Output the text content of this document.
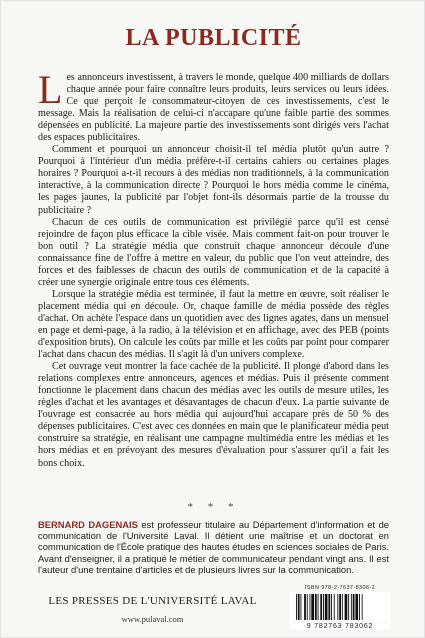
LA PUBLICITÉ

Les annonceurs investissent, à travers le monde, quelque 400 milliards de dollars chaque année pour faire connaître leurs produits, leurs services ou leurs idées. Ce que perçoit le consommateur-citoyen de ces investissements, c'est le message. Mais la réalisation de celui-ci n'accapare qu'une faible partie des sommes dépensées en publicité. La majeure partie des investissements sont dirigés vers l'achat des espaces publicitaires.

Comment et pourquoi un annonceur choisit-il tel média plutôt qu'un autre ? Pourquoi à l'intérieur d'un média préfère-t-il certains cahiers ou certaines plages horaires ? Pourquoi a-t-il recours à des médias non traditionnels, à la communication interactive, à la communication directe ? Pourquoi le hors média comme le cinéma, les pages jaunes, la publicité par l'objet font-ils désormais partie de la trousse du publicitaire ?

Chacun de ces outils de communication est privilégié parce qu'il est censé rejoindre de façon plus efficace la cible visée. Mais comment fait-on pour trouver le bon outil ? La stratégie média que construit chaque annonceur découle d'une connaissance fine de l'offre à mettre en valeur, du public que l'on veut atteindre, des forces et des faiblesses de chacun des outils de communication et de la capacité à créer une synergie originale entre tous ces éléments.

Lorsque la stratégie média est terminée, il faut la mettre en œuvre, soit réaliser le placement média qui en découle. Or, chaque famille de média possède des règles d'achat. On achète l'espace dans un quotidien avec des lignes agates, dans un mensuel en page et demi-page, à la radio, à la télévision et en affichage, avec des PEB (points d'exposition bruts). On calcule les coûts par mille et les coûts par point pour comparer l'achat dans chacun des médias. Il s'agit là d'un univers complexe.

Cet ouvrage veut montrer la face cachée de la publicité. Il plonge d'abord dans les relations complexes entre annonceurs, agences et médias. Puis il présente comment fonctionne le placement dans chacun des médias avec les outils de mesure utiles, les règles d'achat et les avantages et désavantages de chacun d'eux. La partie suivante de l'ouvrage est consacrée au hors média qui aujourd'hui accapare près de 50 % des dépenses publicitaires. C'est avec ces données en main que le planificateur média peut construire sa stratégie, en réalisant une campagne multimédia entre les médias et les hors médias et en prévoyant des mesures d'évaluation pour s'assurer qu'il a fait les bons choix.

* * *
BERNARD DAGENAIS est professeur titulaire au Département d'information et de communication de l'Université Laval. Il détient une maîtrise et un doctorat en communication de l'École pratique des hautes études en sciences sociales de Paris. Avant d'enseigner, il a pratiqué le métier de communicateur pendant vingt ans. Il est l'auteur d'une trentaine d'articles et de plusieurs livres sur la communication.
LES PRESSES DE L'UNIVERSITÉ LAVAL
www.pulaval.com
ISBN 978-2-7637-8306-2
9 782763 783062
